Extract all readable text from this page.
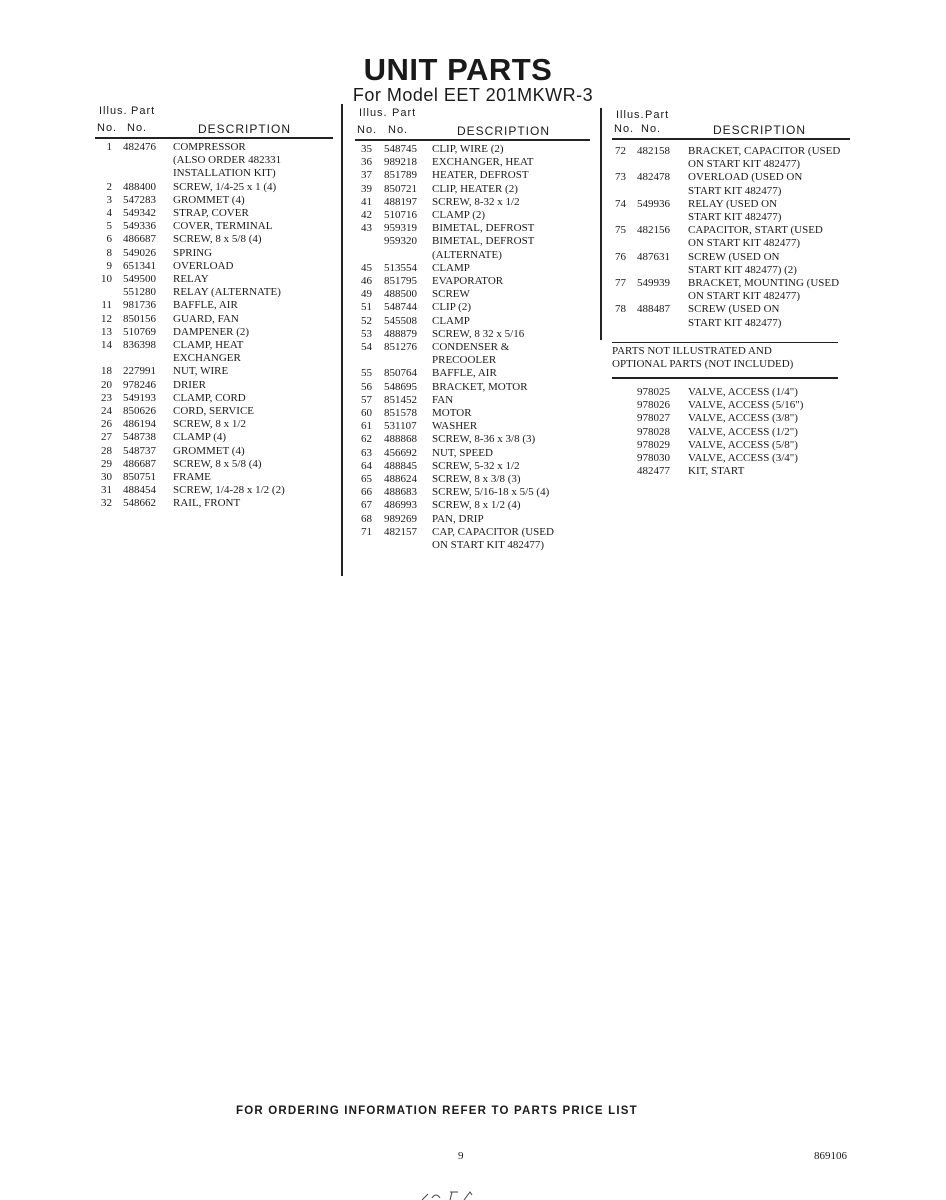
UNIT PARTS
For Model EET 201MKWR-3
Illus. Part
No. No.	DESCRIPTION
1 482476 COMPRESSOR
(ALSO ORDER 482331
INSTALLATION KIT)
2 488400 SCREW, 1/4-25 x 1 (4)
3 547283 GROMMET (4)
4 549342 STRAP, COVER
5 549336 COVER, TERMINAL
6 486687 SCREW, 8 x 5/8 (4)
8 549026 SPRING
9 651341 OVERLOAD
10 549500 RELAY
551280 RELAY (ALTERNATE)
11 981736 BAFFLE, AIR
12 850156 GUARD, FAN
13 510769 DAMPENER (2)
14 836398 CLAMP, HEAT
EXCHANGER
18 227991 NUT, WIRE
20 978246 DRIER
23 549193 CLAMP, CORD
24 850626 CORD, SERVICE
26 486194 SCREW, 8 x 1/2
27 548738 CLAMP (4)
28 548737 GROMMET (4)
29 486687 SCREW, 8 x 5/8 (4)
30 850751 FRAME
31 488454 SCREW, 1/4-28 x 1/2 (2)
32 548662 RAIL, FRONT
Illus. Part
No. No.	DESCRIPTION
35 548745 CLIP, WIRE (2)
36 989218 EXCHANGER, HEAT
37 851789 HEATER, DEFROST
39 850721 CLIP, HEATER (2)
41 488197 SCREW, 8-32 x 1/2
42 510716 CLAMP (2)
43 959319 BIMETAL, DEFROST
959320 BIMETAL, DEFROST
(ALTERNATE)
45 513554 CLAMP
46 851795 EVAPORATOR
49 488500 SCREW
51 548744 CLIP (2)
52 545508 CLAMP
53 488879 SCREW, 8 32 x 5/16
54 851276 CONDENSER &
PRECOOLER
55 850764 BAFFLE, AIR
56 548695 BRACKET, MOTOR
57 851452 FAN
60 851578 MOTOR
61 531107 WASHER
62 488868 SCREW, 8-36 x 3/8 (3)
63 456692 NUT, SPEED
64 488845 SCREW, 5-32 x 1/2
65 488624 SCREW, 8 x 3/8 (3)
66 488683 SCREW, 5/16-18 x 5/5 (4)
67 486993 SCREW, 8 x 1/2 (4)
68 989269 PAN, DRIP
71 482157 CAP, CAPACITOR (USED
ON START KIT 482477)
Illus. Part
No. No.	DESCRIPTION
72 482158 BRACKET, CAPACITOR (USED
ON START KIT 482477)
73 482478 OVERLOAD (USED ON
START KIT 482477)
74 549936 RELAY (USED ON
START KIT 482477)
75 482156 CAPACITOR, START (USED
ON START KIT 482477)
76 487631 SCREW (USED ON
START KIT 482477) (2)
77 549939 BRACKET, MOUNTING (USED
ON START KIT 482477)
78 488487 SCREW (USED ON
START KIT 482477)
PARTS NOT ILLUSTRATED AND
OPTIONAL PARTS (NOT INCLUDED)
978025 VALVE, ACCESS (1/4")
978026 VALVE, ACCESS (5/16")
978027 VALVE, ACCESS (3/8")
978028 VALVE, ACCESS (1/2")
978029 VALVE, ACCESS (5/8")
978030 VALVE, ACCESS (3/4")
482477 KIT, START
FOR ORDERING INFORMATION REFER TO PARTS PRICE LIST
9	869106
